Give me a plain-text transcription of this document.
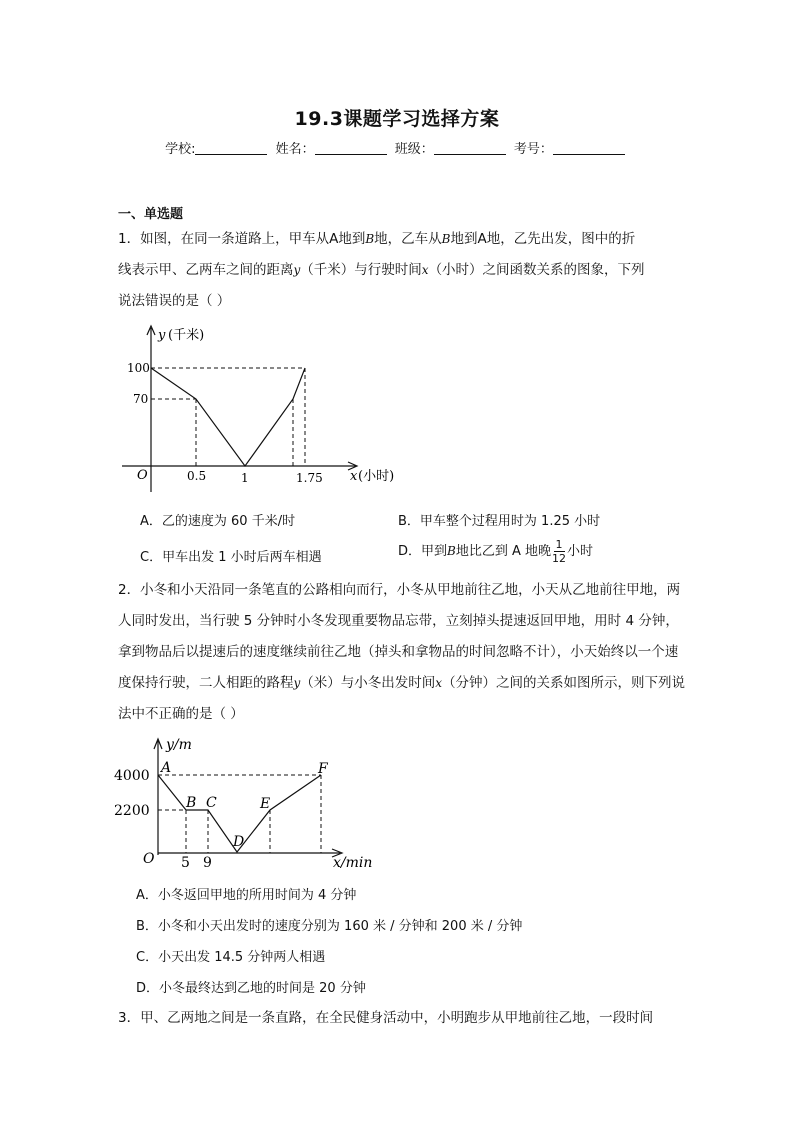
19.3课题学习选择方案
学校:	姓名：	班级：	考号：
一、单选题
1．如图，在同一条道路上，甲车从A地到B地，乙车从B地到A地，乙先出发，图中的折
线表示甲、乙两车之间的距离y（千米）与行驶时间x（小时）之间函数关系的图象，下列
说法错误的是（ ）
y (千米)
100
70
O	0.5	1	1.75 x (小时)
A．乙的速度为 60 千米/时	B．甲车整个过程用时为 1.25 小时
C．甲车出发 1 小时后两车相遇	D．甲到B地比乙到 A 地晚 $\frac{1}{12}$ 小时
2．小冬和小天沿同一条笔直的公路相向而行，小冬从甲地前往乙地，小天从乙地前往甲地，两人同时发出，当行驶 5 分钟时小冬发现重要物品忘带，立刻掉头提速返回甲地，用时 4 分钟，拿到物品后以提速后的速度继续前往乙地（掉头和拿物品的时间忽略不计），小天始终以一个速度保持行驶，二人相距的路程y（米）与小冬出发时间x（分钟）之间的关系如图所示，则下列说法中不正确的是（ ）
y/m
4000
2200
O 5 9	x/min
A
B C
D
E
F
A．小冬返回甲地的所用时间为 4 分钟
B．小冬和小天出发时的速度分别为 160 米 / 分钟和 200 米 / 分钟
C．小天出发 14.5 分钟两人相遇
D．小冬最终达到乙地的时间是 20 分钟
3．甲、乙两地之间是一条直路，在全民健身活动中，小明跑步从甲地前往乙地，一段时间
